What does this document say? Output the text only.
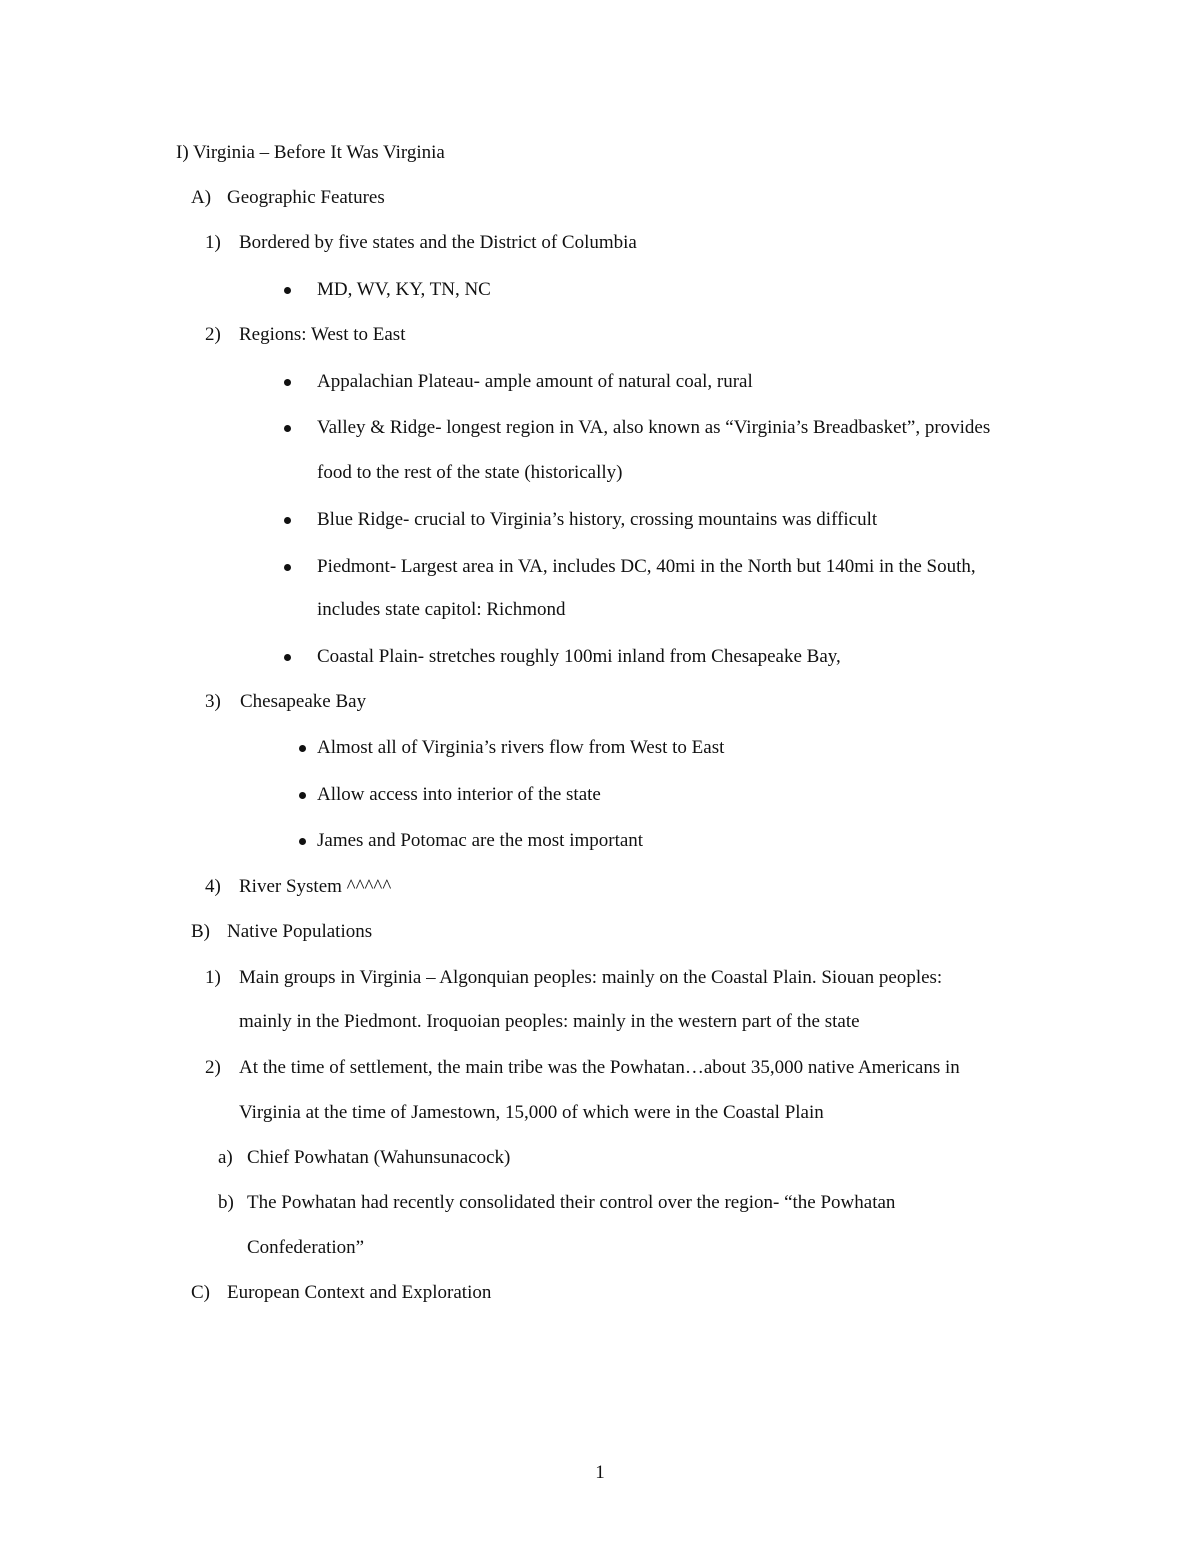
I) Virginia – Before It Was Virginia
A) Geographic Features
1) Bordered by five states and the District of Columbia
MD, WV, KY, TN, NC
2) Regions: West to East
Appalachian Plateau- ample amount of natural coal, rural
Valley & Ridge- longest region in VA, also known as “Virginia’s Breadbasket”, provides
food to the rest of the state (historically)
Blue Ridge- crucial to Virginia’s history, crossing mountains was difficult
Piedmont- Largest area in VA, includes DC, 40mi in the North but 140mi in the South,
includes state capitol: Richmond
Coastal Plain- stretches roughly 100mi inland from Chesapeake Bay,
3) Chesapeake Bay
Almost all of Virginia’s rivers flow from West to East
Allow access into interior of the state
James and Potomac are the most important
4) River System ^^^^^
B) Native Populations
1) Main groups in Virginia – Algonquian peoples: mainly on the Coastal Plain. Siouan peoples:
mainly in the Piedmont. Iroquoian peoples: mainly in the western part of the state
2) At the time of settlement, the main tribe was the Powhatan…about 35,000 native Americans in
Virginia at the time of Jamestown, 15,000 of which were in the Coastal Plain
a) Chief Powhatan (Wahunsunacock)
b) The Powhatan had recently consolidated their control over the region- “the Powhatan
Confederation”
C) European Context and Exploration
1
